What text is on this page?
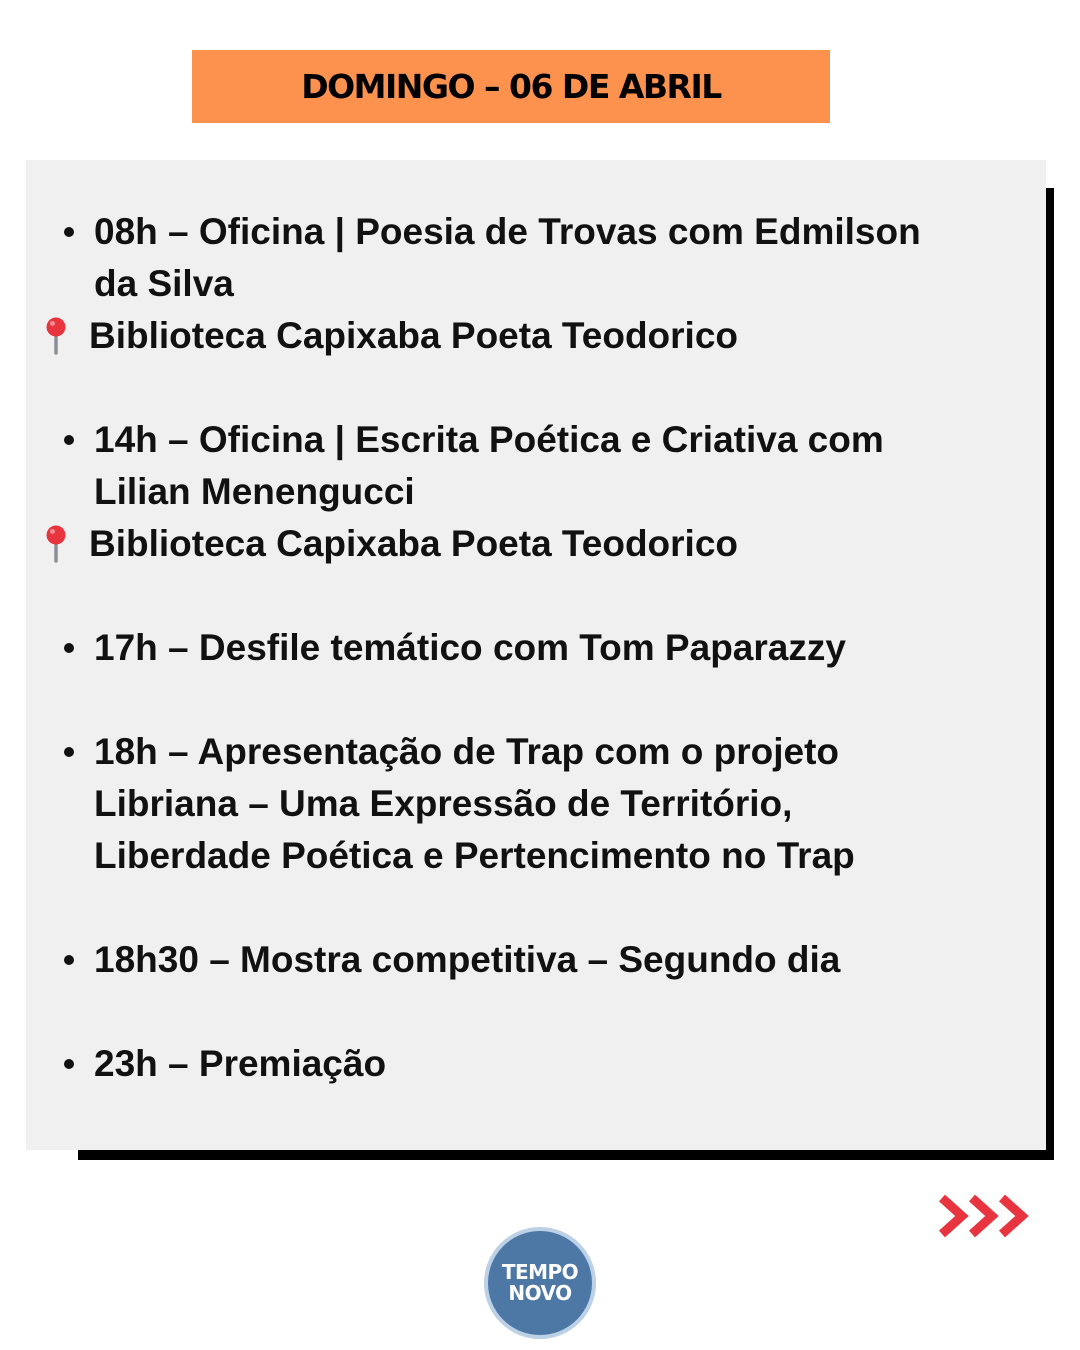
DOMINGO – 06 DE ABRIL
08h – Oficina | Poesia de Trovas com Edmilson
da Silva
Biblioteca Capixaba Poeta Teodorico
14h – Oficina | Escrita Poética e Criativa com
Lilian Menengucci
Biblioteca Capixaba Poeta Teodorico
17h – Desfile temático com Tom Paparazzy
18h – Apresentação de Trap com o projeto
Libriana – Uma Expressão de Território,
Liberdade Poética e Pertencimento no Trap
18h30 – Mostra competitiva – Segundo dia
23h – Premiação
TEMPO
NOVO
